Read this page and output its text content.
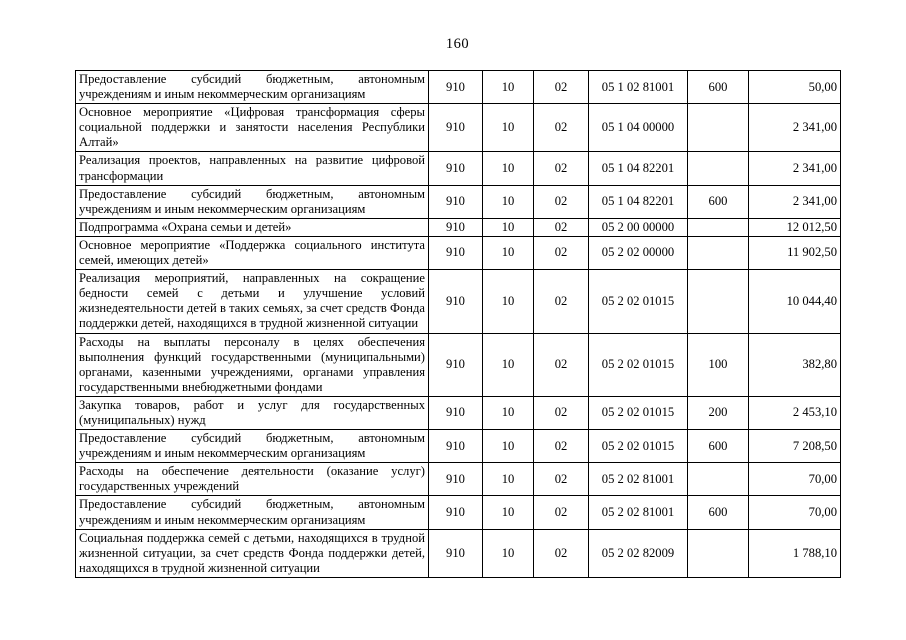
160
Предоставление субсидий бюджетным, автономным учреждениям и иным некоммерческим организациям	910	10	02	05 1 02 81001	600	50,00
Основное мероприятие «Цифровая трансформация сферы социальной поддержки и занятости населения Республики Алтай»	910	10	02	05 1 04 00000		2 341,00
Реализация проектов, направленных на развитие цифровой трансформации	910	10	02	05 1 04 82201		2 341,00
Предоставление субсидий бюджетным, автономным учреждениям и иным некоммерческим организациям	910	10	02	05 1 04 82201	600	2 341,00
Подпрограмма «Охрана семьи и детей»	910	10	02	05 2 00 00000		12 012,50
Основное мероприятие «Поддержка социального института семей, имеющих детей»	910	10	02	05 2 02 00000		11 902,50
Реализация мероприятий, направленных на сокращение бедности семей с детьми и улучшение условий жизнедеятельности детей в таких семьях, за счет средств Фонда поддержки детей, находящихся в трудной жизненной ситуации	910	10	02	05 2 02 01015		10 044,40
Расходы на выплаты персоналу в целях обеспечения выполнения функций государственными (муниципальными) органами, казенными учреждениями, органами управления государственными внебюджетными фондами	910	10	02	05 2 02 01015	100	382,80
Закупка товаров, работ и услуг для государственных (муниципальных) нужд	910	10	02	05 2 02 01015	200	2 453,10
Предоставление субсидий бюджетным, автономным учреждениям и иным некоммерческим организациям	910	10	02	05 2 02 01015	600	7 208,50
Расходы на обеспечение деятельности (оказание услуг) государственных учреждений	910	10	02	05 2 02 81001		70,00
Предоставление субсидий бюджетным, автономным учреждениям и иным некоммерческим организациям	910	10	02	05 2 02 81001	600	70,00
Социальная поддержка семей с детьми, находящихся в трудной жизненной ситуации, за счет средств Фонда поддержки детей, находящихся в трудной жизненной ситуации	910	10	02	05 2 02 82009		1 788,10
